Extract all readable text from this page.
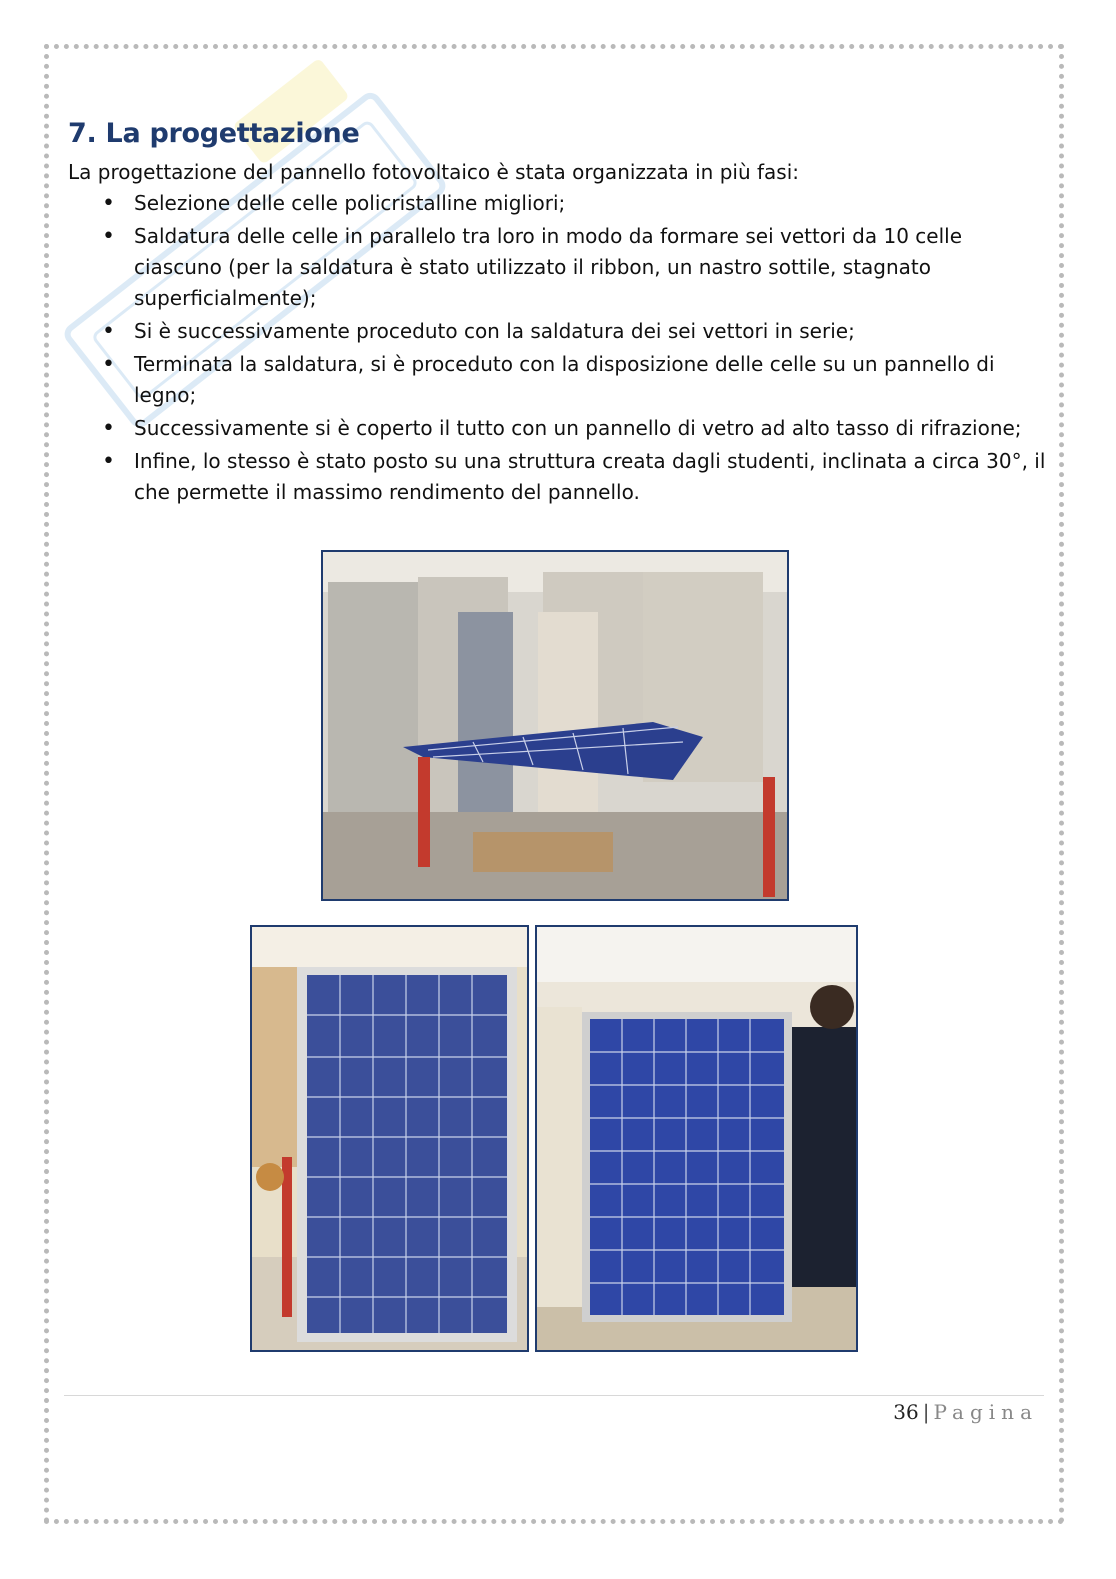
7. La progettazione

La progettazione del pannello fotovoltaico è stata organizzata in più fasi:

• Selezione delle celle policristalline migliori;
• Saldatura delle celle in parallelo tra loro in modo da formare sei vettori da 10 celle ciascuno (per la saldatura è stato utilizzato il ribbon, un nastro sottile, stagnato superficialmente);
• Si è successivamente proceduto con la saldatura dei sei vettori in serie;
• Terminata la saldatura, si è proceduto con la disposizione delle celle su un pannello di legno;
• Successivamente si è coperto il tutto con un pannello di vetro ad alto tasso di rifrazione;
• Infine, lo stesso è stato posto su una struttura creata dagli studenti, inclinata a circa 30°, il che permette il massimo rendimento del pannello.
36 | Pagina
